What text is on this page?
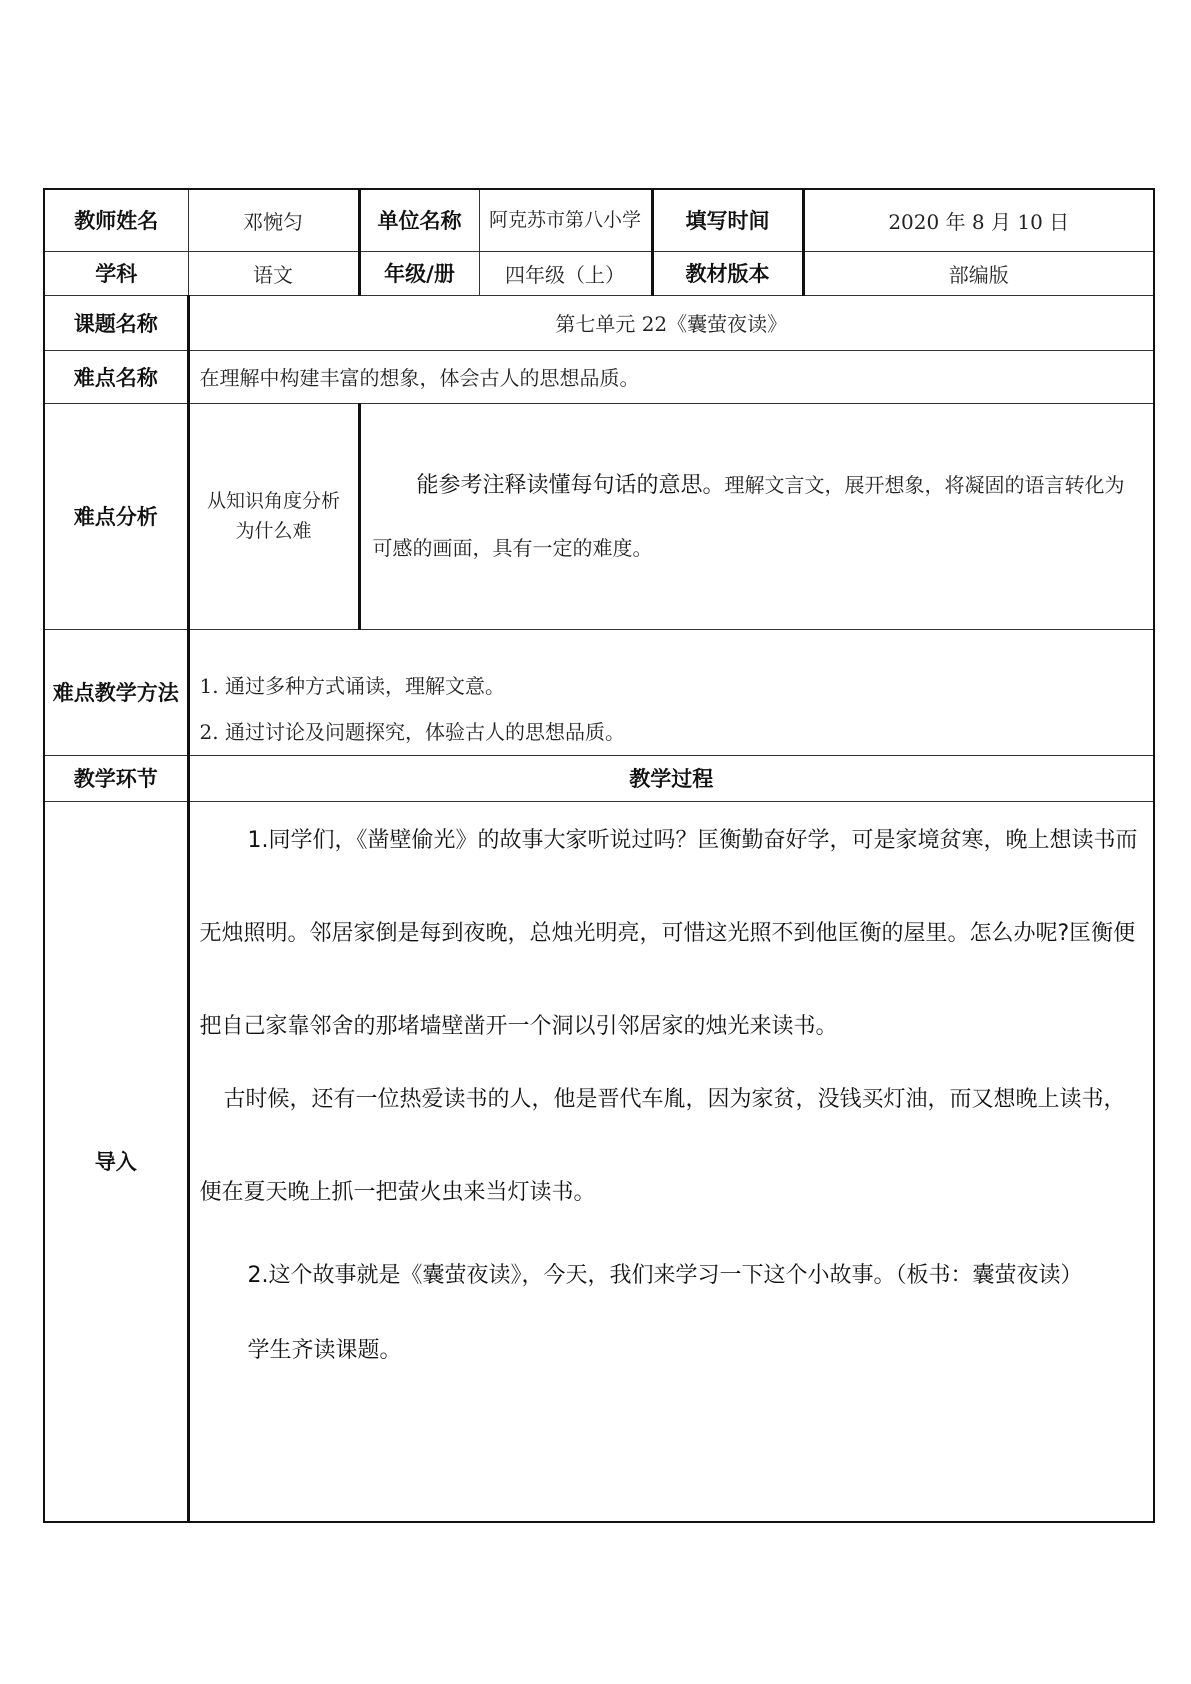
教师姓名	邓惋匀	单位名称	阿克苏市第八小学	填写时间	2020 年 8 月 10 日
学科	语文	年级/册	四年级（上）	教材版本	部编版
课题名称	第七单元 22《囊萤夜读》				
难点名称	在理解中构建丰富的想象，体会古人的思想品质。				
难点分析	从知识角度分析为什么难	能参考注释读懂每句话的意思。理解文言文，展开想象，将凝固的语言转化为可感的画面，具有一定的难度。			
难点教学方法	1. 通过多种方式诵读，理解文意。

2. 通过讨论及问题探究，体验古人的思想品质。				

教学环节	教学过程				
导入	1.同学们，《凿壁偷光》的故事大家听说过吗？匡衡勤奋好学，可是家境贫寒，晚上想读书而无烛照明。邻居家倒是每到夜晚，总烛光明亮，可惜这光照不到他匡衡的屋里。怎么办呢?匡衡便把自己家靠邻舍的那堵墙壁凿开一个洞以引邻居家的烛光来读书。

古时候，还有一位热爱读书的人，他是晋代车胤，因为家贫，没钱买灯油，而又想晚上读书，便在夏天晚上抓一把萤火虫来当灯读书。

2.这个故事就是《囊萤夜读》，今天，我们来学习一下这个小故事。（板书：囊萤夜读）

学生齐读课题。				
